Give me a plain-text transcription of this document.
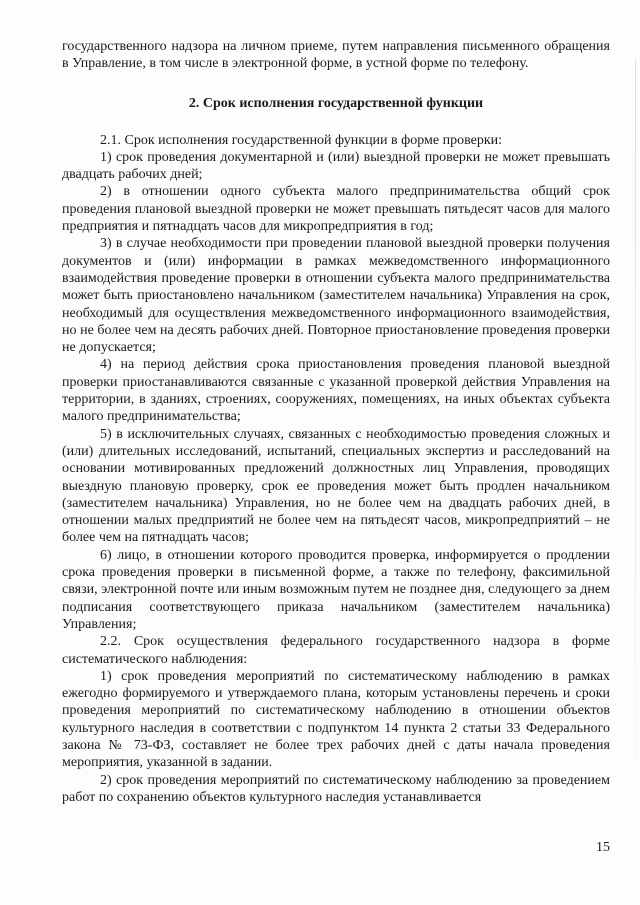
государственного надзора на личном приеме, путем направления письменного обращения в Управление, в том числе в электронной форме, в устной форме по телефону.

2. Срок исполнения государственной функции

2.1. Срок исполнения государственной функции в форме проверки:

1) срок проведения документарной и (или) выездной проверки не может превышать двадцать рабочих дней;

2) в отношении одного субъекта малого предпринимательства общий срок проведения плановой выездной проверки не может превышать пятьдесят часов для малого предприятия и пятнадцать часов для микропредприятия в год;

3) в случае необходимости при проведении плановой выездной проверки получения документов и (или) информации в рамках межведомственного информационного взаимодействия проведение проверки в отношении субъекта малого предпринимательства может быть приостановлено начальником (заместителем начальника) Управления на срок, необходимый для осуществления межведомственного информационного взаимодействия, но не более чем на десять рабочих дней. Повторное приостановление проведения проверки не допускается;

4) на период действия срока приостановления проведения плановой выездной проверки приостанавливаются связанные с указанной проверкой действия Управления на территории, в зданиях, строениях, сооружениях, помещениях, на иных объектах субъекта малого предпринимательства;

5) в исключительных случаях, связанных с необходимостью проведения сложных и (или) длительных исследований, испытаний, специальных экспертиз и расследований на основании мотивированных предложений должностных лиц Управления, проводящих выездную плановую проверку, срок ее проведения может быть продлен начальником (заместителем начальника) Управления, но не более чем на двадцать рабочих дней, в отношении малых предприятий не более чем на пятьдесят часов, микропредприятий – не более чем на пятнадцать часов;

6) лицо, в отношении которого проводится проверка, информируется о продлении срока проведения проверки в письменной форме, а также по телефону, факсимильной связи, электронной почте или иным возможным путем не позднее дня, следующего за днем подписания соответствующего приказа начальником (заместителем начальника) Управления;

2.2. Срок осуществления федерального государственного надзора в форме систематического наблюдения:

1) срок проведения мероприятий по систематическому наблюдению в рамках ежегодно формируемого и утверждаемого плана, которым установлены перечень и сроки проведения мероприятий по систематическому наблюдению в отношении объектов культурного наследия в соответствии с подпунктом 14 пункта 2 статьи 33 Федерального закона № 73-ФЗ, составляет не более трех рабочих дней с даты начала проведения мероприятия, указанной в задании.

2) срок проведения мероприятий по систематическому наблюдению за проведением работ по сохранению объектов культурного наследия устанавливается

15
